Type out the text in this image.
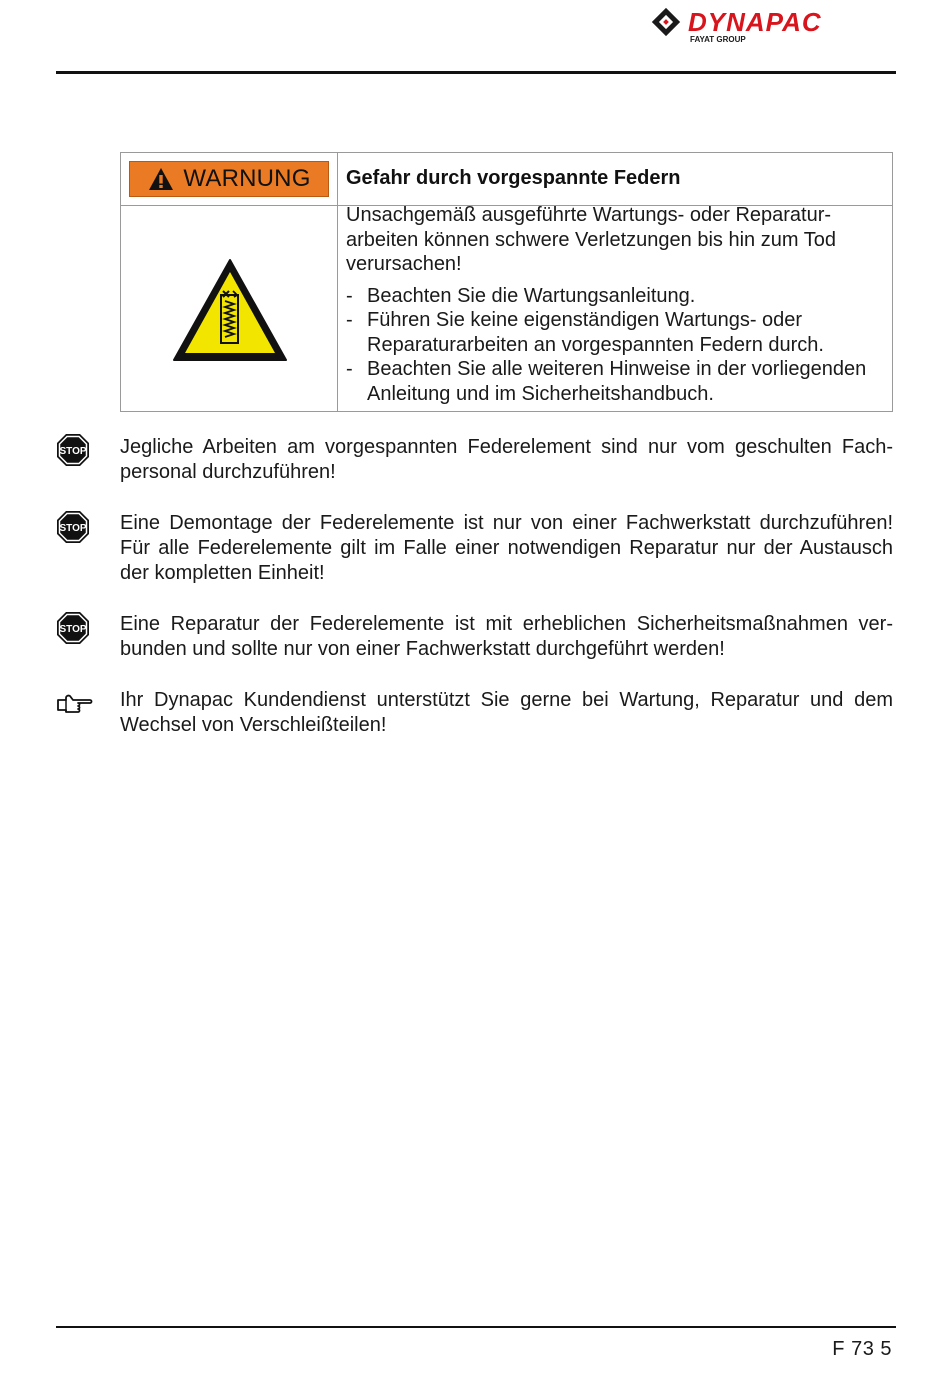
DYNAPAC
FAYAT GROUP
WARNUNG Gefahr durch vorgespannte Federn

Unsachgemäß ausgeführte Wartungs- oder Reparatur-
arbeiten können schwere Verletzungen bis hin zum Tod
verursachen!

- Beachten Sie die Wartungsanleitung.
- Führen Sie keine eigenständigen Wartungs- oder
Reparaturarbeiten an vorgespannten Federn durch.
- Beachten Sie alle weiteren Hinweise in der vorliegenden
Anleitung und im Sicherheitshandbuch.
STOP Jegliche Arbeiten am vorgespannten Federelement sind nur vom geschulten Fach- personal durchzuführen!
STOP Eine Demontage der Federelemente ist nur von einer Fachwerkstatt durchzuführen! Für alle Federelemente gilt im Falle einer notwendigen Reparatur nur der Austausch der kompletten Einheit!
STOP Eine Reparatur der Federelemente ist mit erheblichen Sicherheitsmaßnahmen ver- bunden und sollte nur von einer Fachwerkstatt durchgeführt werden!
Ihr Dynapac Kundendienst unterstützt Sie gerne bei Wartung, Reparatur und dem Wechsel von Verschleißteilen!
F 73 5
